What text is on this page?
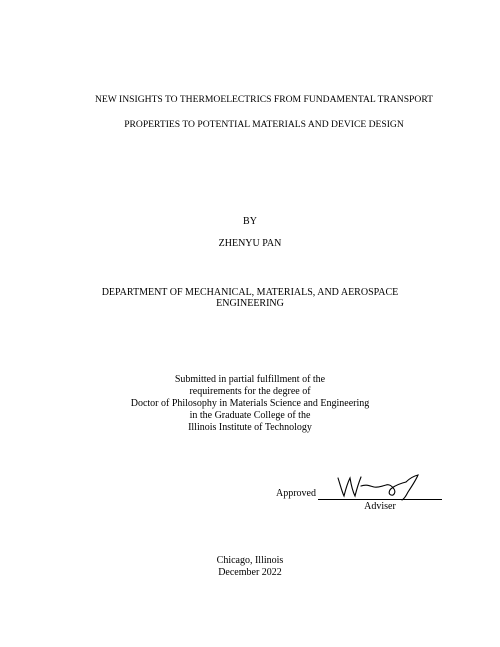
NEW INSIGHTS TO THERMOELECTRICS FROM FUNDAMENTAL TRANSPORT
PROPERTIES TO POTENTIAL MATERIALS AND DEVICE DESIGN
BY
ZHENYU PAN
DEPARTMENT OF MECHANICAL, MATERIALS, AND AEROSPACE
ENGINEERING
Submitted in partial fulfillment of the
requirements for the degree of
Doctor of Philosophy in Materials Science and Engineering
in the Graduate College of the
Illinois Institute of Technology
Approved
Adviser
Chicago, Illinois
December 2022
